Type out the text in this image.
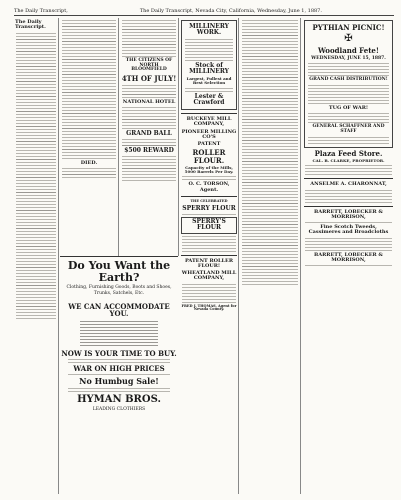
The Daily Transcript,	The Daily Transcript, Nevada City, California, Wednesday, June 1, 1887.
The Daily Transcript.
DIED.
Do You Want the Earth?
Clothing, Furnishing Goods, Boots and Shoes, Trunks, Satchels, Etc.
WE CAN ACCOMMODATE YOU.
NOW IS YOUR TIME TO BUY.
WAR ON HIGH PRICES
No Humbug Sale!
HYMAN BROS.
LEADING CLOTHIERS
THE CITIZENS OF NORTH BLOOMFIELD
4TH OF JULY!
NATIONAL HOTEL
GRAND BALL
$500 REWARD
MILLINERY WORK.
Stock of MILLINERY
Largest, Fullest and Best Selection
Lester & Crawford
BUCKEYE MILL COMPANY,
PIONEER MILLING CO'S
PATENT
ROLLER FLOUR.
Capacity of the Mills, 5000 Barrels Per Day.
O. C. TORSON, Agent.
THE CELEBRATED
SPERRY FLOUR
SPERRY'S FLOUR
PATENT ROLLER FLOUR!
WHEATLAND MILL COMPANY,
FRED J. THOMAS, Agent for Nevada County.
PYTHIAN PICNIC!
✠
Woodland Fete!
WEDNESDAY, JUNE 15, 1887.
GRAND CASH DISTRIBUTION!
TUG OF WAR!
GENERAL SCHAFFNER AND STAFF
Plaza Feed Store.
CAL. B. CLARKE, PROPRIETOR.
ANSELME A. CHARONNAT,
BARRETT, LOBECKER & MORRISON,
Fine Scotch Tweeds, Cassimeres and Broadcloths
BARRETT, LOBECKER & MORRISON,
